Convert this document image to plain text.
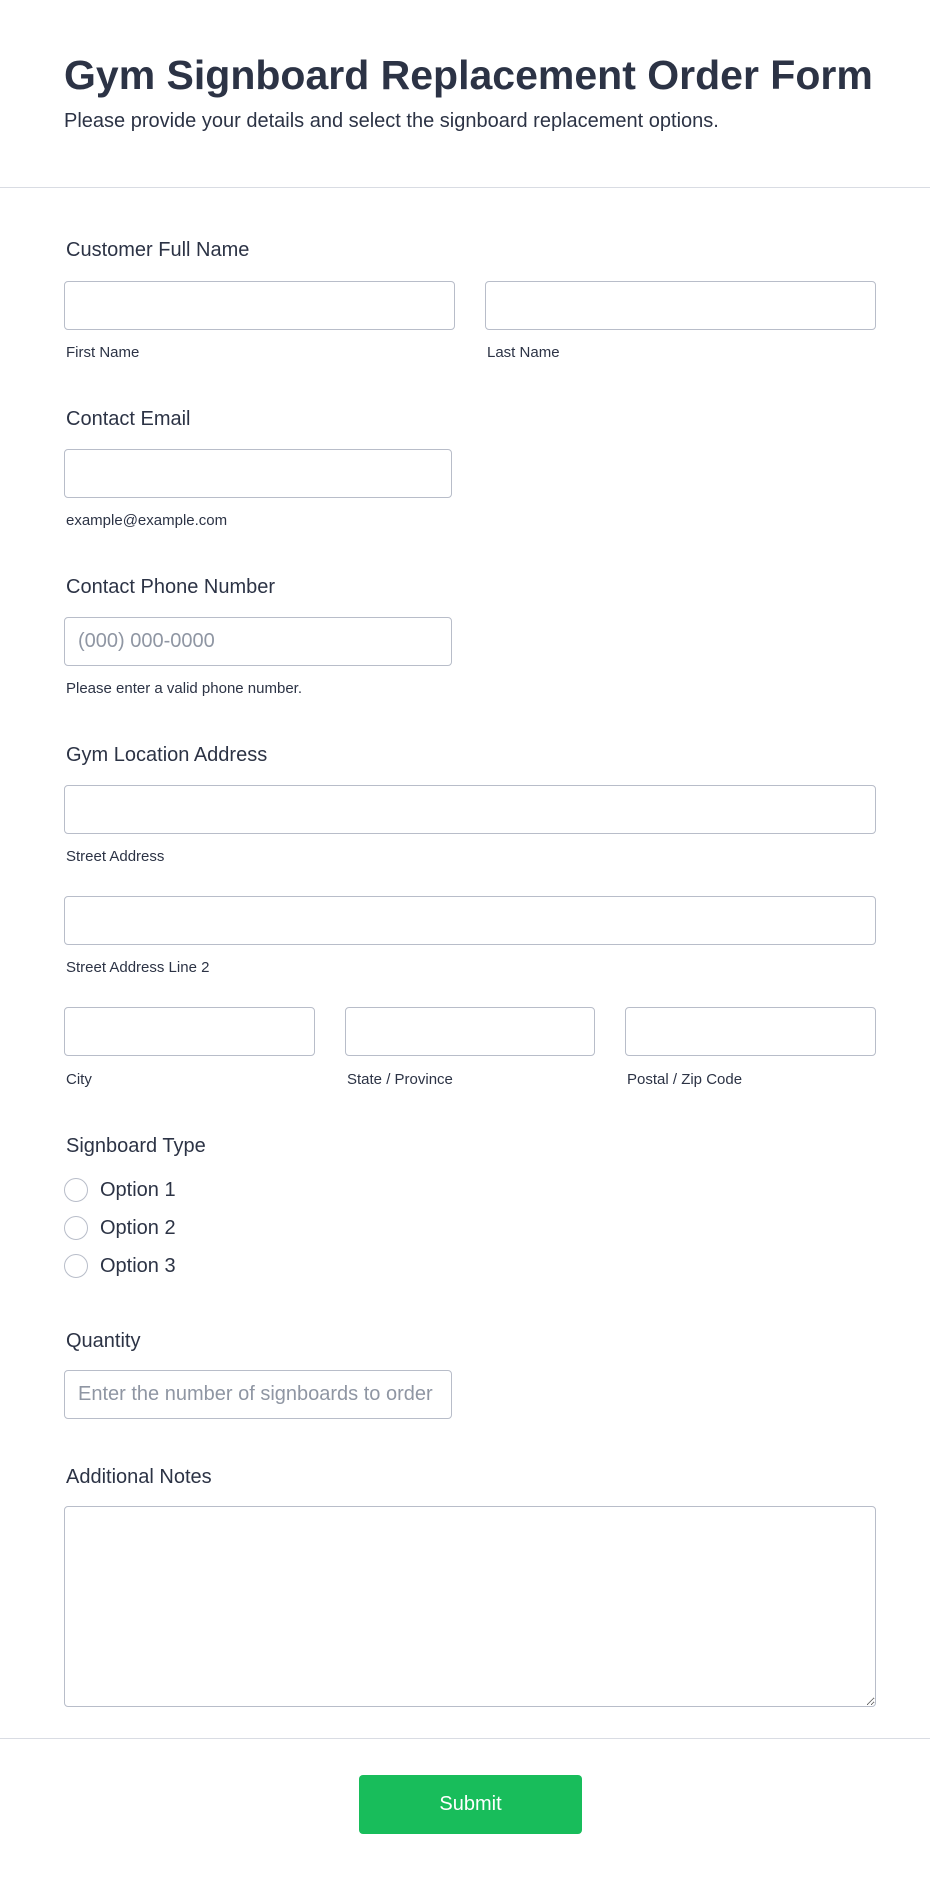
Gym Signboard Replacement Order Form
Please provide your details and select the signboard replacement options.
Customer Full Name
First Name	Last Name
Contact Email
example@example.com
Contact Phone Number
(000) 000-0000
Please enter a valid phone number.
Gym Location Address
Street Address
Street Address Line 2
City	State / Province	Postal / Zip Code
Signboard Type
Option 1
Option 2
Option 3
Quantity
Enter the number of signboards to order
Additional Notes
Submit
